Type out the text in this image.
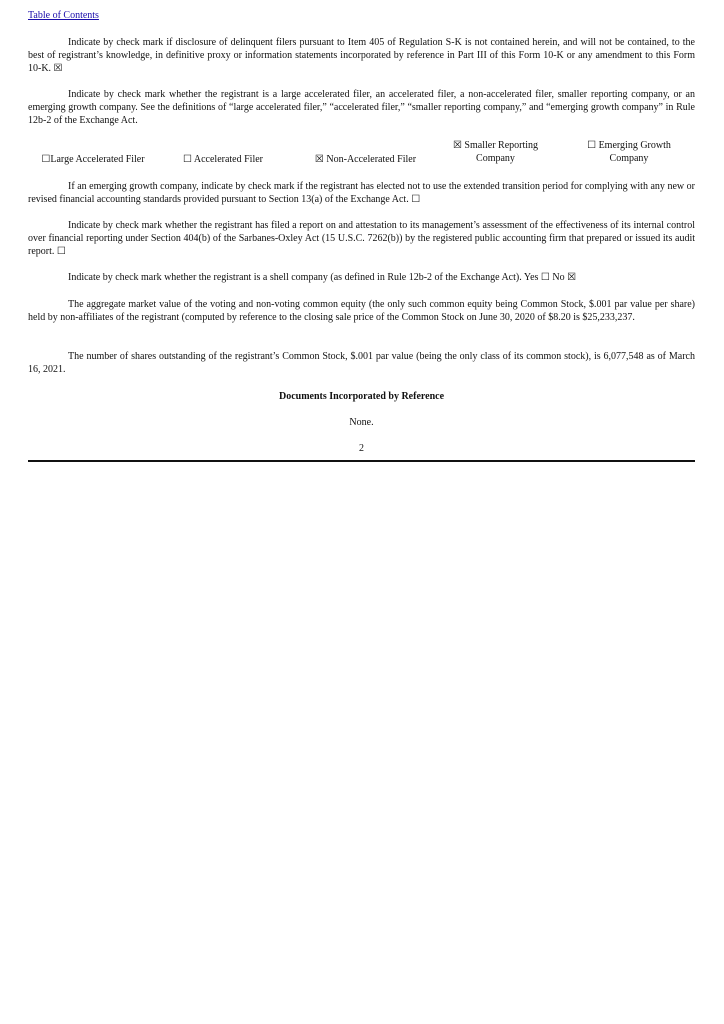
Table of Contents

Indicate by check mark if disclosure of delinquent filers pursuant to Item 405 of Regulation S-K is not contained herein, and will not be contained, to the best of registrant’s knowledge, in definitive proxy or information statements incorporated by reference in Part III of this Form 10-K or any amendment to this Form 10-K. ☒

Indicate by check mark whether the registrant is a large accelerated filer, an accelerated filer, a non-accelerated filer, smaller reporting company, or an emerging growth company. See the definitions of “large accelerated filer,” “accelerated filer,” “smaller reporting company,” and “emerging growth company” in Rule 12b-2 of the Exchange Act.

☐Large Accelerated Filer	☐ Accelerated Filer	☒ Non-Accelerated Filer
☒ Smaller Reporting
Company
☐ Emerging Growth
Company

If an emerging growth company, indicate by check mark if the registrant has elected not to use the extended transition period for complying with any new or revised financial accounting standards provided pursuant to Section 13(a) of the Exchange Act. ☐

Indicate by check mark whether the registrant has filed a report on and attestation to its management’s assessment of the effectiveness of its internal control over financial reporting under Section 404(b) of the Sarbanes-Oxley Act (15 U.S.C. 7262(b)) by the registered public accounting firm that prepared or issued its audit report. ☐

Indicate by check mark whether the registrant is a shell company (as defined in Rule 12b-2 of the Exchange Act). Yes ☐ No ☒

The aggregate market value of the voting and non-voting common equity (the only such common equity being Common Stock, $.001 par value per share) held by non-affiliates of the registrant (computed by reference to the closing sale price of the Common Stock on June 30, 2020 of $8.20 is $25,233,237.

The number of shares outstanding of the registrant’s Common Stock, $.001 par value (being the only class of its common stock), is 6,077,548 as of March 16, 2021.

Documents Incorporated by Reference
None.
2
